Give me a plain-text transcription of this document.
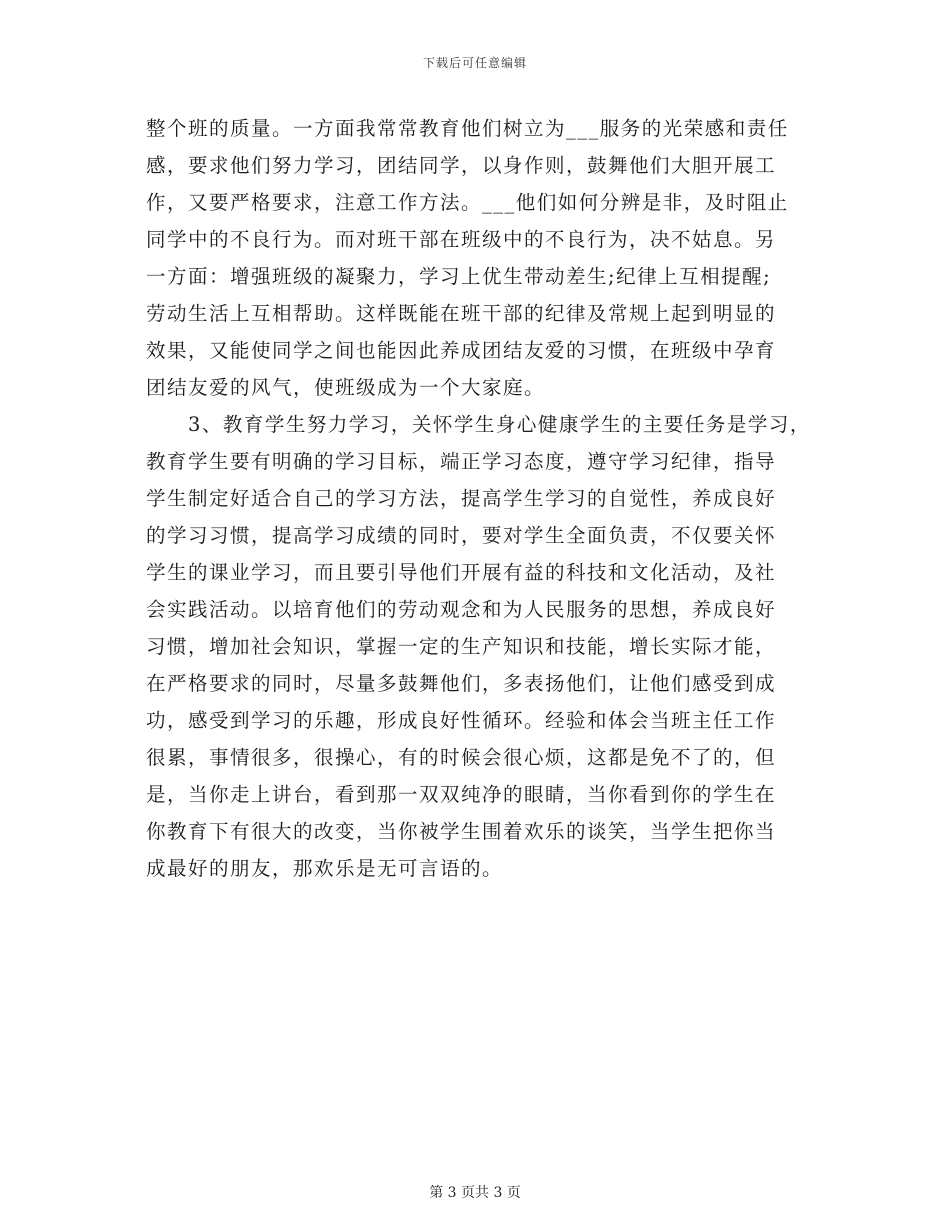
下载后可任意编辑
整个班的质量。一方面我常常教育他们树立为___服务的光荣感和责任
感，要求他们努力学习，团结同学，以身作则，鼓舞他们大胆开展工
作，又要严格要求，注意工作方法。___他们如何分辨是非，及时阻止
同学中的不良行为。而对班干部在班级中的不良行为，决不姑息。另
一方面：增强班级的凝聚力，学习上优生带动差生;纪律上互相提醒;
劳动生活上互相帮助。这样既能在班干部的纪律及常规上起到明显的
效果，又能使同学之间也能因此养成团结友爱的习惯，在班级中孕育
团结友爱的风气，使班级成为一个大家庭。
3、教育学生努力学习，关怀学生身心健康学生的主要任务是学习，
教育学生要有明确的学习目标，端正学习态度，遵守学习纪律，指导
学生制定好适合自己的学习方法，提高学生学习的自觉性，养成良好
的学习习惯，提高学习成绩的同时，要对学生全面负责，不仅要关怀
学生的课业学习，而且要引导他们开展有益的科技和文化活动，及社
会实践活动。以培育他们的劳动观念和为人民服务的思想，养成良好
习惯，增加社会知识，掌握一定的生产知识和技能，增长实际才能，
在严格要求的同时，尽量多鼓舞他们，多表扬他们，让他们感受到成
功，感受到学习的乐趣，形成良好性循环。经验和体会当班主任工作
很累，事情很多，很操心，有的时候会很心烦，这都是免不了的，但
是，当你走上讲台，看到那一双双纯净的眼睛，当你看到你的学生在
你教育下有很大的改变，当你被学生围着欢乐的谈笑，当学生把你当
成最好的朋友，那欢乐是无可言语的。
第 3 页共 3 页
